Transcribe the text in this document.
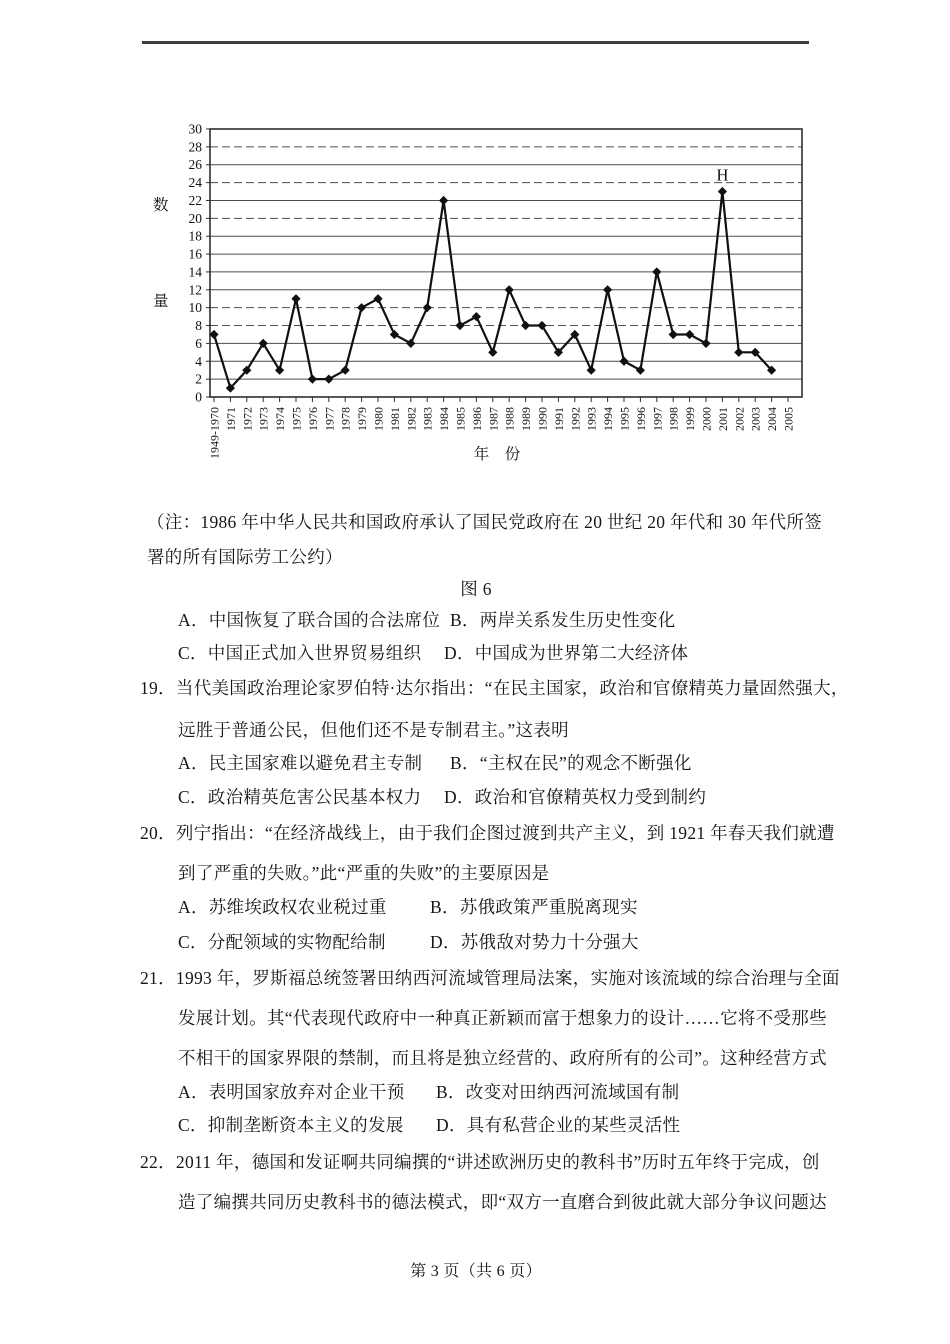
0
2
4
6
8
10
12
14
16
18
20
22
24
26
28
30
1949-1970 1971 1972 1973 1974 1975 1976 1977 1978 1979 1980 1981 1982 1983 1984 1985 1986 1987 1988 1989 1990 1991 1992 1993 1994 1995 1996 1997 1998 1999 2000 2001 2002 2003 2004 2005
H
数
量
年　份
（注：1986 年中华人民共和国政府承认了国民党政府在 20 世纪 20 年代和 30 年代所签
署的所有国际劳工公约）
图 6
A．中国恢复了联合国的合法席位 B．两岸关系发生历史性变化
C．中国正式加入世界贸易组织 D．中国成为世界第二大经济体
19．当代美国政治理论家罗伯特·达尔指出：“在民主国家，政治和官僚精英力量固然强大，
远胜于普通公民，但他们还不是专制君主。”这表明
A．民主国家难以避免君主专制 B．“主权在民”的观念不断强化
C．政治精英危害公民基本权力 D．政治和官僚精英权力受到制约
20．列宁指出：“在经济战线上，由于我们企图过渡到共产主义，到 1921 年春天我们就遭
到了严重的失败。”此“严重的失败”的主要原因是
A．苏维埃政权农业税过重 B．苏俄政策严重脱离现实
C．分配领域的实物配给制	D．苏俄敌对势力十分强大
21．1993 年，罗斯福总统签署田纳西河流域管理局法案，实施对该流域的综合治理与全面
发展计划。其“代表现代政府中一种真正新颖而富于想象力的设计……它将不受那些
不相干的国家界限的禁制，而且将是独立经营的、政府所有的公司”。这种经营方式
A．表明国家放弃对企业干预 B．改变对田纳西河流域国有制
C．抑制垄断资本主义的发展 D．具有私营企业的某些灵活性
22．2011 年，德国和发证啊共同编撰的“讲述欧洲历史的教科书”历时五年终于完成，创
造了编撰共同历史教科书的德法模式，即“双方一直磨合到彼此就大部分争议问题达
第 3 页（共 6 页）
